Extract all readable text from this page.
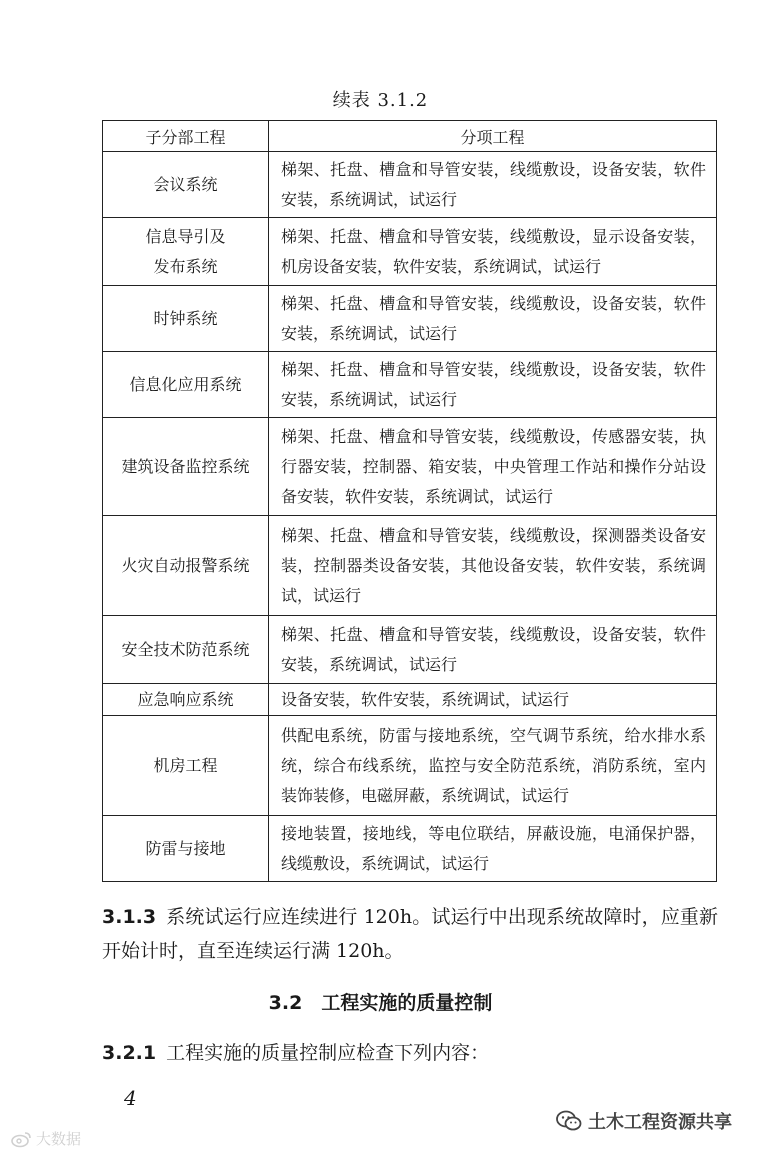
续表 3.1.2
子分部工程	分项工程

会议系统	梯架、托盘、槽盒和导管安装，线缆敷设，设备安装，软件安装，系统调试，试运行

信息导引及
发布系统	梯架、托盘、槽盒和导管安装，线缆敷设，显示设备安装，机房设备安装，软件安装，系统调试，试运行

时钟系统	梯架、托盘、槽盒和导管安装，线缆敷设，设备安装，软件安装，系统调试，试运行

信息化应用系统	梯架、托盘、槽盒和导管安装，线缆敷设，设备安装，软件安装，系统调试，试运行

建筑设备监控系统	梯架、托盘、槽盒和导管安装，线缆敷设，传感器安装，执行器安装，控制器、箱安装，中央管理工作站和操作分站设备安装，软件安装，系统调试，试运行

火灾自动报警系统	梯架、托盘、槽盒和导管安装，线缆敷设，探测器类设备安装，控制器类设备安装，其他设备安装，软件安装，系统调试，试运行

安全技术防范系统	梯架、托盘、槽盒和导管安装，线缆敷设，设备安装，软件安装，系统调试，试运行

应急响应系统	设备安装，软件安装，系统调试，试运行

机房工程	供配电系统，防雷与接地系统，空气调节系统，给水排水系统，综合布线系统，监控与安全防范系统，消防系统，室内装饰装修，电磁屏蔽，系统调试，试运行

防雷与接地	接地装置，接地线，等电位联结，屏蔽设施，电涌保护器，线缆敷设，系统调试，试运行
3.1.3 系统试运行应连续进行 120h。试运行中出现系统故障时，应重新开始计时，直至连续运行满 120h。
3.2　工程实施的质量控制
3.2.1 工程实施的质量控制应检查下列内容：
4
土木工程资源共享
大数据
